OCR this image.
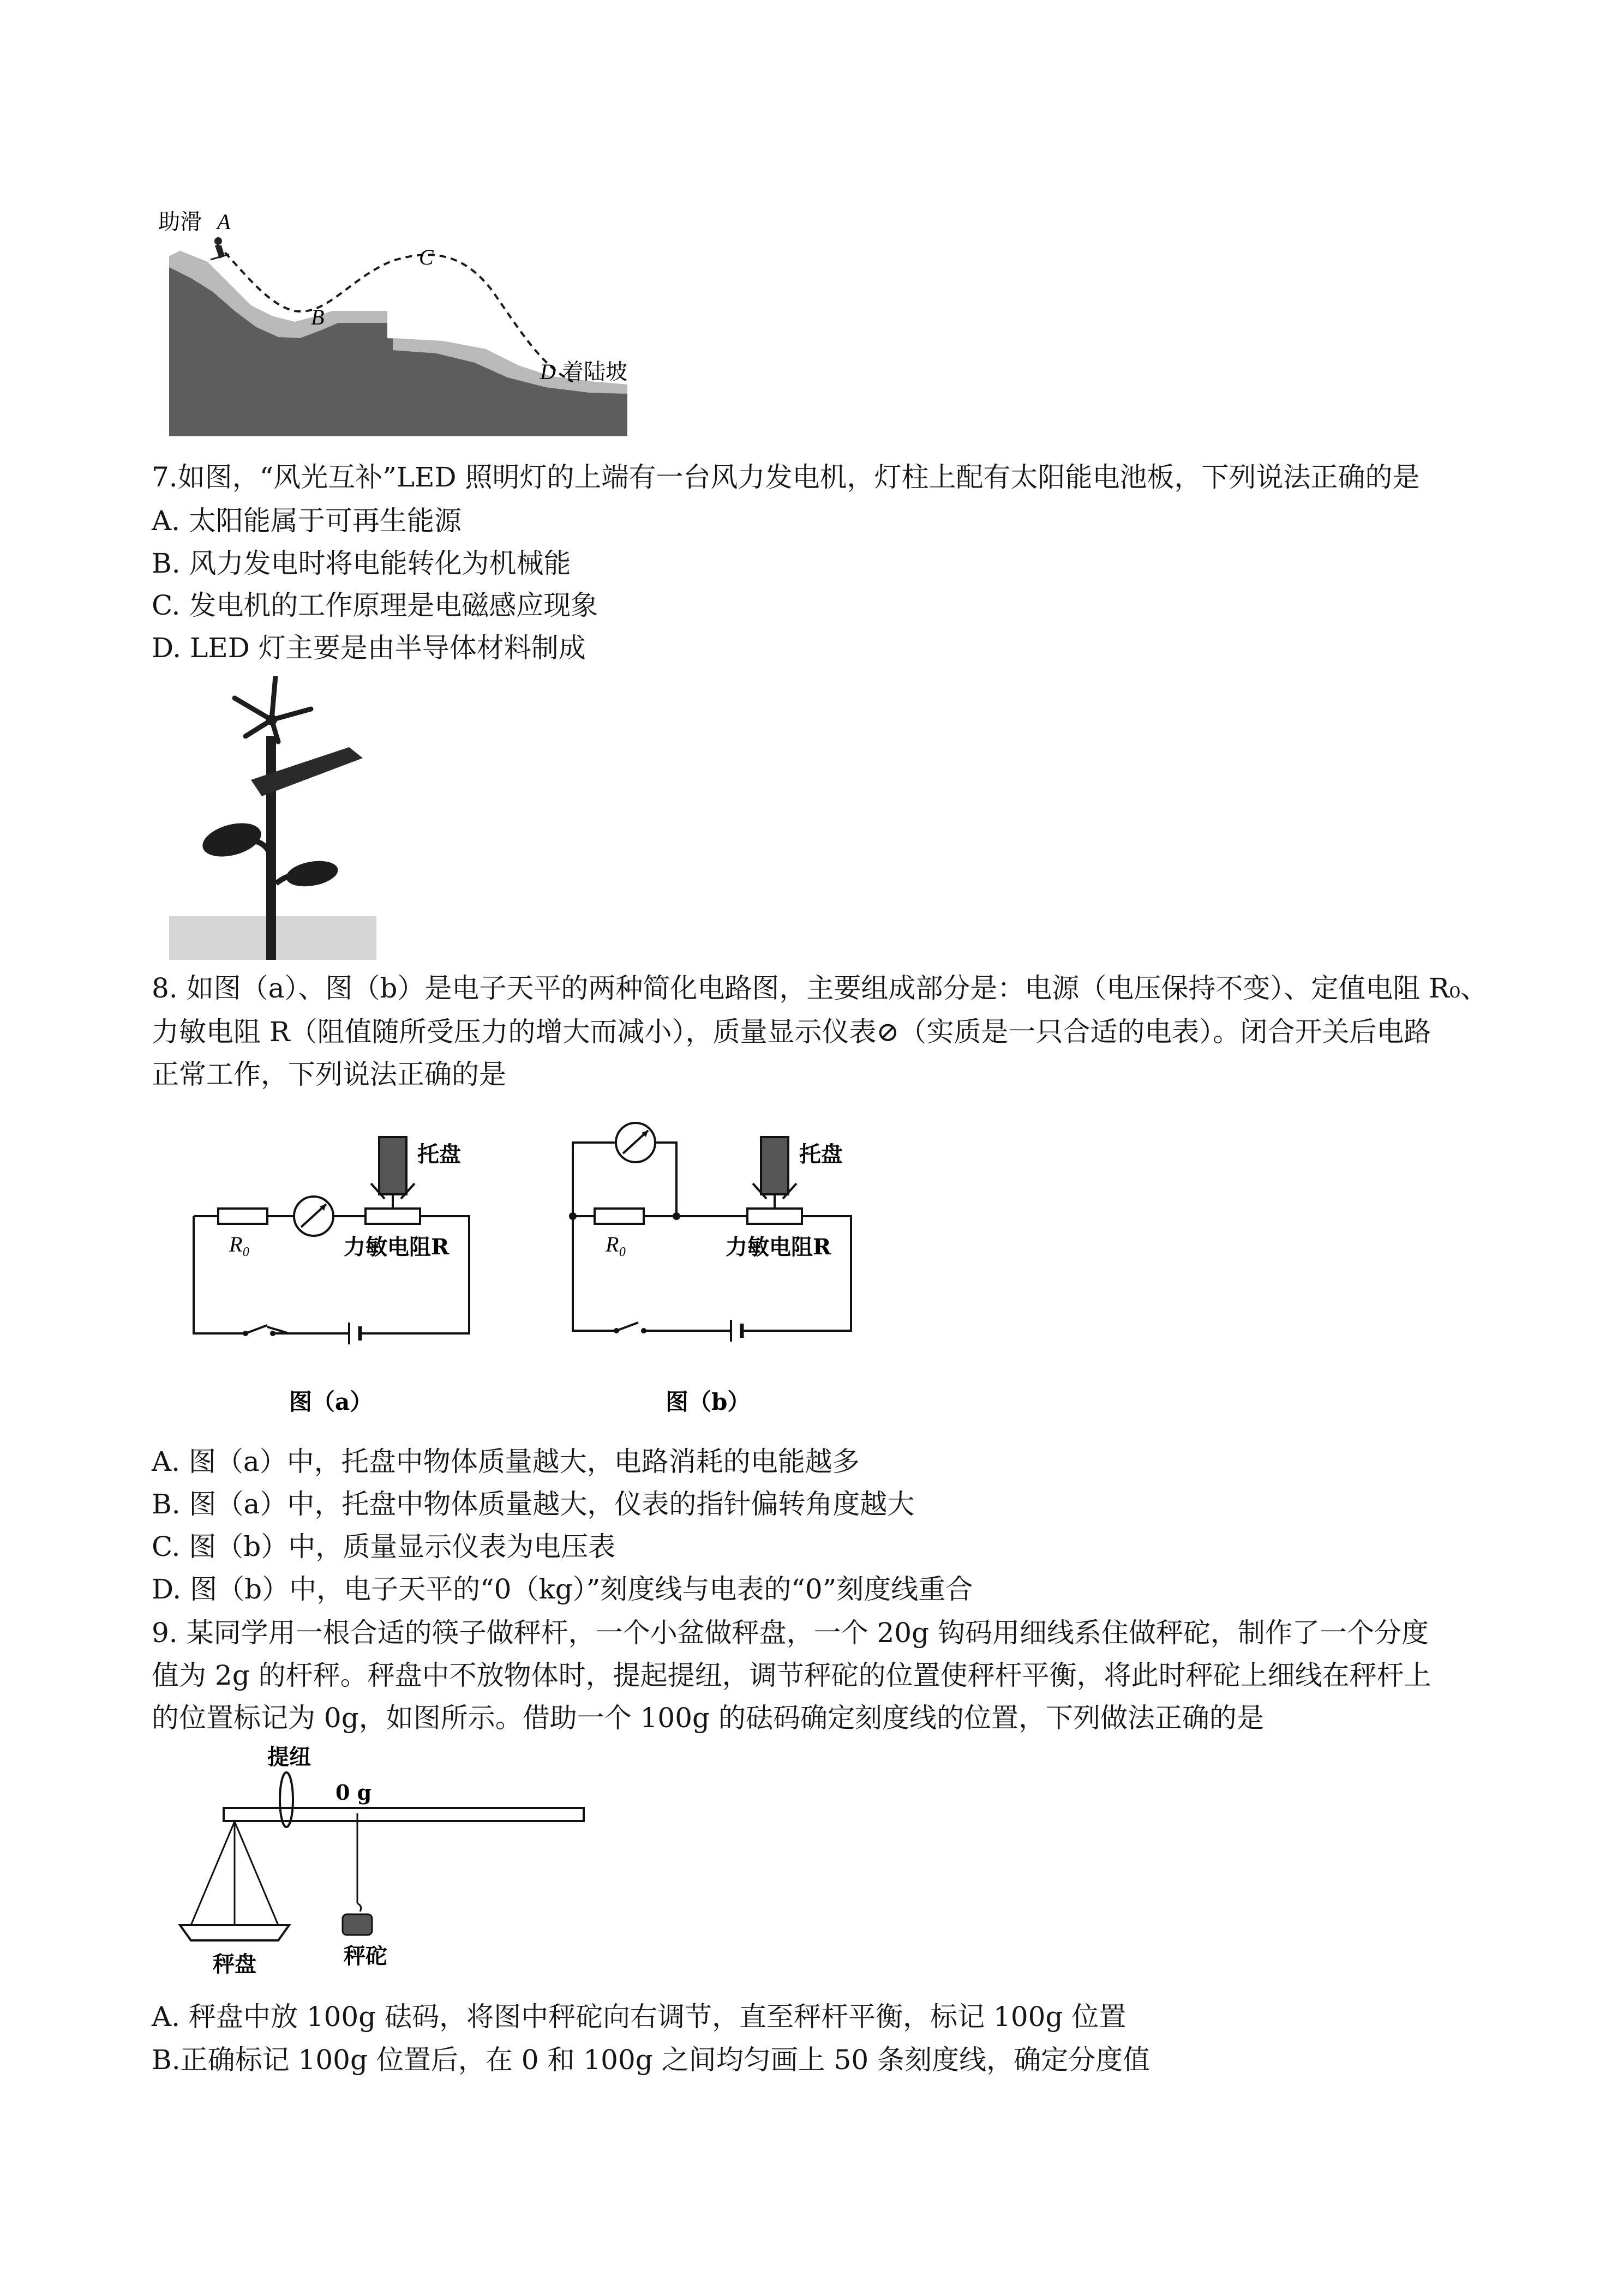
助滑 A
B
C
D 着陆坡
7.如图，“风光互补”LED 照明灯的上端有一台风力发电机，灯柱上配有太阳能电池板，下列说法正确的是
A. 太阳能属于可再生能源
B. 风力发电时将电能转化为机械能
C. 发电机的工作原理是电磁感应现象
D. LED 灯主要是由半导体材料制成
8. 如图（a）、图（b）是电子天平的两种简化电路图，主要组成部分是：电源（电压保持不变）、定值电阻 R₀、
力敏电阻 R（阻值随所受压力的增大而减小），质量显示仪表⊘（实质是一只合适的电表）。闭合开关后电路
正常工作，下列说法正确的是
托盘
R₀	力敏电阻R
图（a）
托盘
R₀	力敏电阻R
图（b）
A. 图（a）中，托盘中物体质量越大，电路消耗的电能越多
B. 图（a）中，托盘中物体质量越大，仪表的指针偏转角度越大
C. 图（b）中，质量显示仪表为电压表
D. 图（b）中，电子天平的“0（kg）”刻度线与电表的“0”刻度线重合
9. 某同学用一根合适的筷子做秤杆，一个小盆做秤盘，一个 20g 钩码用细线系住做秤砣，制作了一个分度
值为 2g 的杆秤。秤盘中不放物体时，提起提纽，调节秤砣的位置使秤杆平衡，将此时秤砣上细线在秤杆上
的位置标记为 0g，如图所示。借助一个 100g 的砝码确定刻度线的位置，下列做法正确的是
提纽
0 g
秤盘	秤砣
A. 秤盘中放 100g 砝码，将图中秤砣向右调节，直至秤杆平衡，标记 100g 位置
B.正确标记 100g 位置后，在 0 和 100g 之间均匀画上 50 条刻度线，确定分度值
